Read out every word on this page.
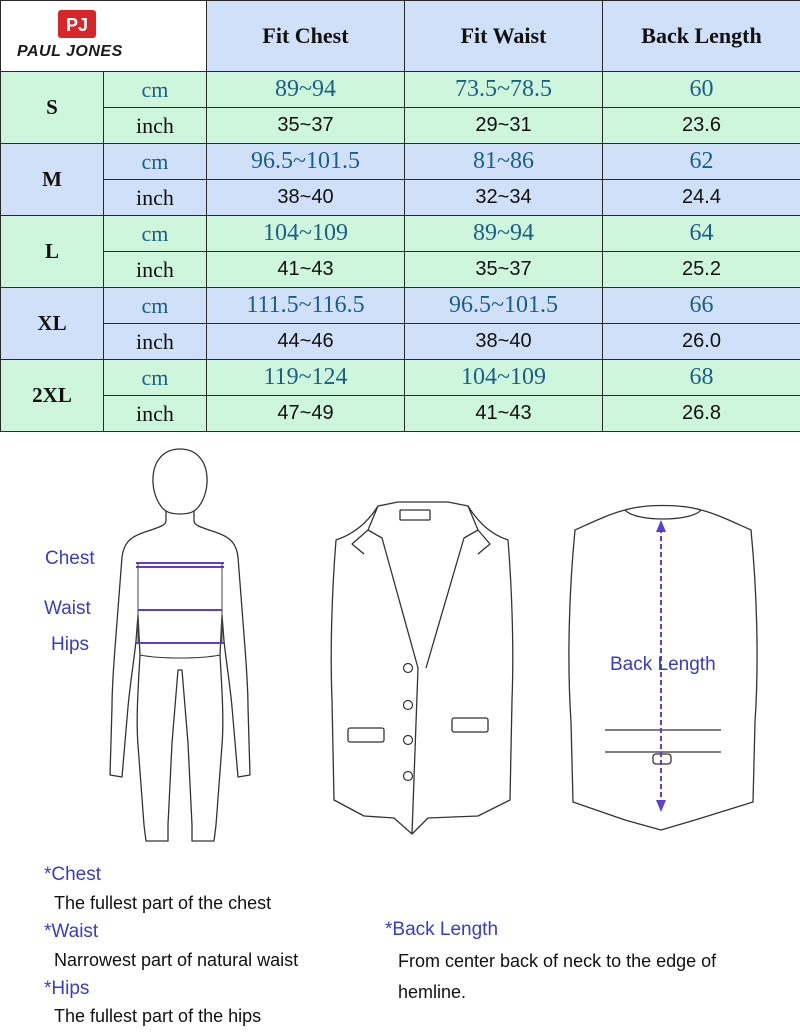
PJ
PAUL JONES		Fit Chest	Fit Waist	Back Length
S	cm	89~94	73.5~78.5	60
	inch	35~37	29~31	23.6
M	cm	96.5~101.5	81~86	62
	inch	38~40	32~34	24.4
L	cm	104~109	89~94	64
	inch	41~43	35~37	25.2
XL	cm	111.5~116.5	96.5~101.5	66
	inch	44~46	38~40	26.0
2XL	cm	119~124	104~109	68
	inch	47~49	41~43	26.8
Chest
Waist
Hips
Back Length
*Chest
The fullest part of the chest
*Waist
Narrowest part of natural waist
*Hips
The fullest part of the hips
*Back Length
From center back of neck to the edge of
hemline.
